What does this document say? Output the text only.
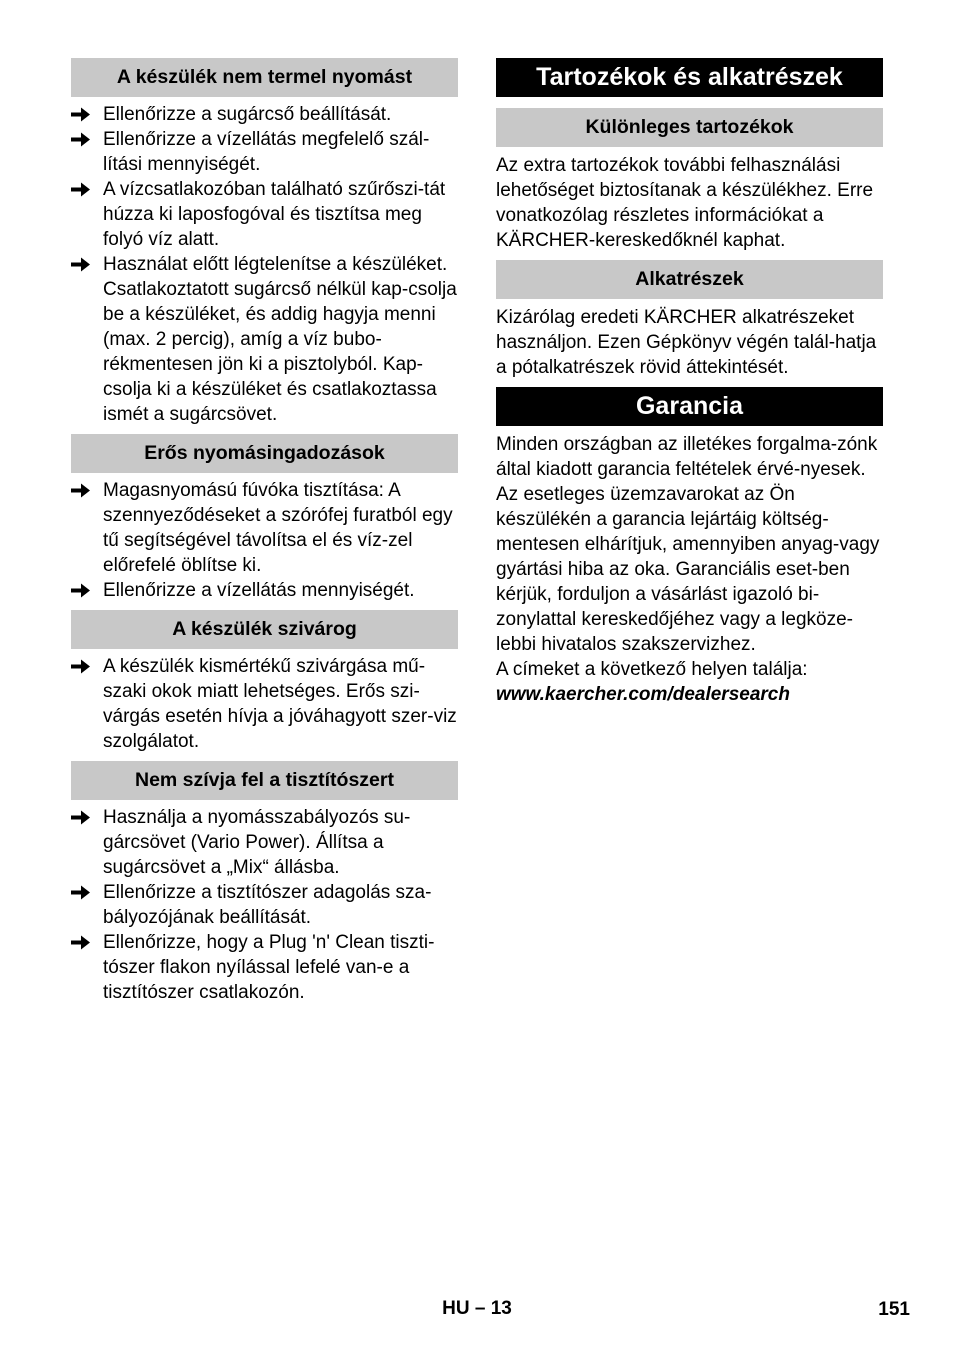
A készülék nem termel nyomást
Ellenőrizze a sugárcső beállítását.
Ellenőrizze a vízellátás megfelelő szál-lítási mennyiségét.
A vízcsatlakozóban található szűrőszi-tát húzza ki laposfogóval és tisztítsa meg folyó víz alatt.
Használat előtt légtelenítse a készüléket. Csatlakoztatott sugárcső nélkül kap-csolja be a készüléket, és addig hagyja menni (max. 2 percig), amíg a víz bubo-rékmentesen jön ki a pisztolyból. Kap-csolja ki a készüléket és csatlakoztassa ismét a sugárcsövet.
Erős nyomásingadozások
Magasnyomású fúvóka tisztítása: A szennyeződéseket a szórófej furatból egy tű segítségével távolítsa el és víz-zel előrefelé öblítse ki.
Ellenőrizze a vízellátás mennyiségét.
A készülék szivárog
A készülék kismértékű szivárgása mű-szaki okok miatt lehetséges. Erős szi-várgás esetén hívja a jóváhagyott szer-viz szolgálatot.
Nem szívja fel a tisztítószert
Használja a nyomásszabályozós su-gárcsövet (Vario Power). Állítsa a sugárcsövet a „Mix“ állásba.
Ellenőrizze a tisztítószer adagolás sza-bályozójának beállítását.
Ellenőrizze, hogy a Plug 'n' Clean tiszti-tószer flakon nyílással lefelé van-e a tisztítószer csatlakozón.
Tartozékok és alkatrészek
Különleges tartozékok

Az extra tartozékok további felhasználási lehetőséget biztosítanak a készülékhez. Erre vonatkozólag részletes információkat a KÄRCHER-kereskedőknél kaphat.

Alkatrészek

Kizárólag eredeti KÄRCHER alkatrészeket használjon. Ezen Gépkönyv végén talál-hatja a pótalkatrészek rövid áttekintését.

Garancia

Minden országban az illetékes forgalma-zónk által kiadott garancia feltételek érvé-nyesek. Az esetleges üzemzavarokat az Ön készülékén a garancia lejártáig költség-mentesen elhárítjuk, amennyiben anyag-vagy gyártási hiba az oka. Garanciális eset-ben kérjük, forduljon a vásárlást igazoló bi-zonylattal kereskedőjéhez vagy a legköze-lebbi hivatalos szakszervizhez.

A címeket a következő helyen találja:

www.kaercher.com/dealersearch
HU – 13	151
